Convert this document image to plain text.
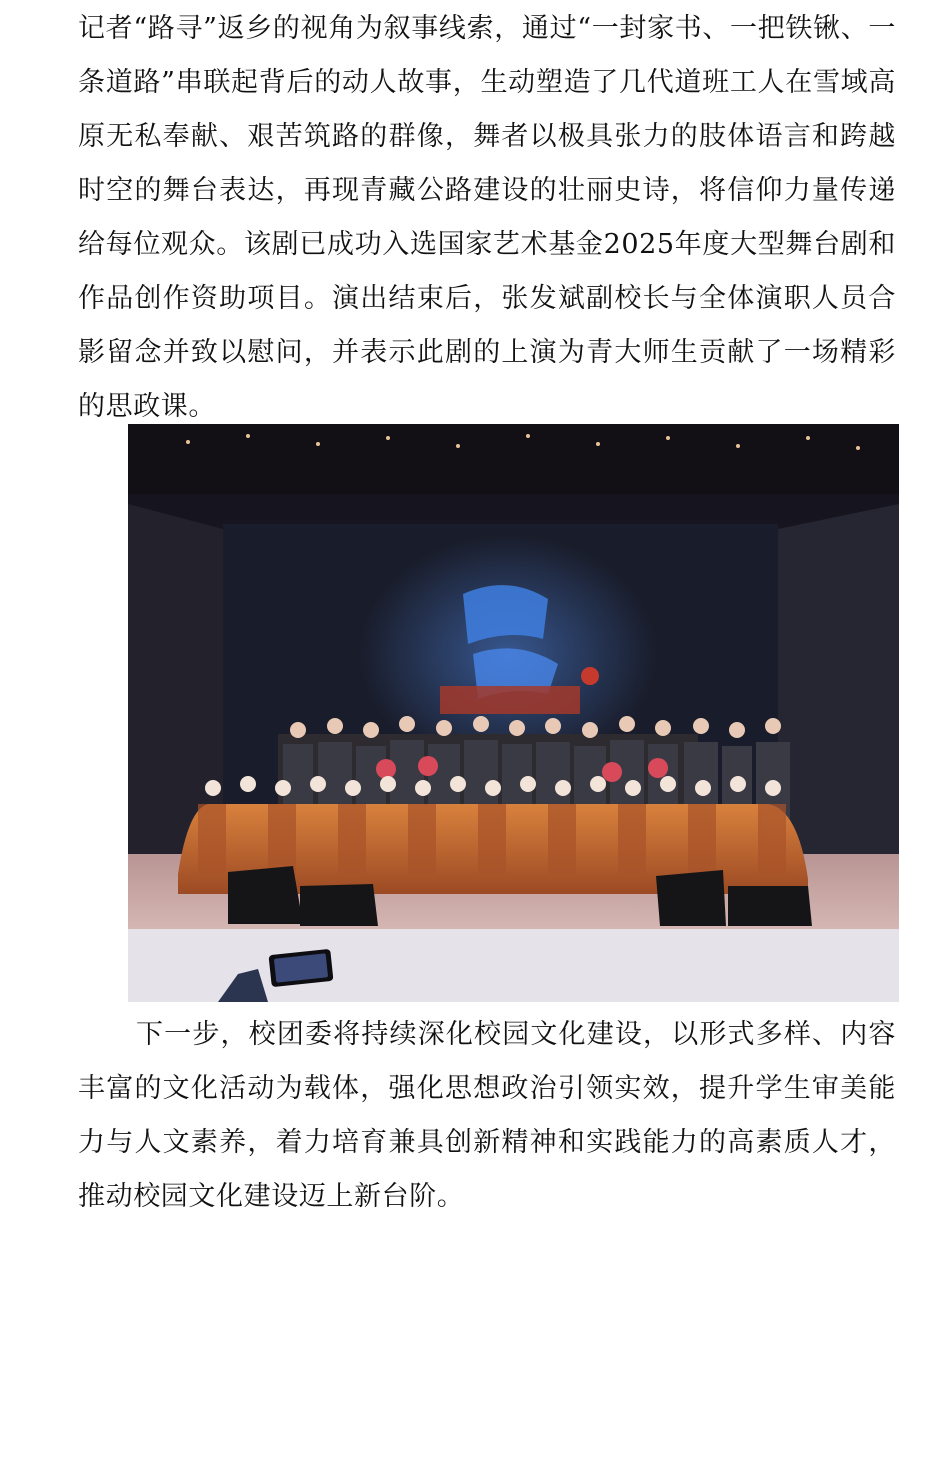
记者“路寻”返乡的视角为叙事线索，通过“一封家书、一把铁锹、一条道路”串联起背后的动人故事，生动塑造了几代道班工人在雪域高原无私奉献、艰苦筑路的群像，舞者以极具张力的肢体语言和跨越时空的舞台表达，再现青藏公路建设的壮丽史诗，将信仰力量传递给每位观众。该剧已成功入选国家艺术基金2025年度大型舞台剧和作品创作资助项目。演出结束后，张发斌副校长与全体演职人员合影留念并致以慰问，并表示此剧的上演为青大师生贡献了一场精彩的思政课。

下一步，校团委将持续深化校园文化建设，以形式多样、内容丰富的文化活动为载体，强化思想政治引领实效，提升学生审美能力与人文素养，着力培育兼具创新精神和实践能力的高素质人才，推动校园文化建设迈上新台阶。
